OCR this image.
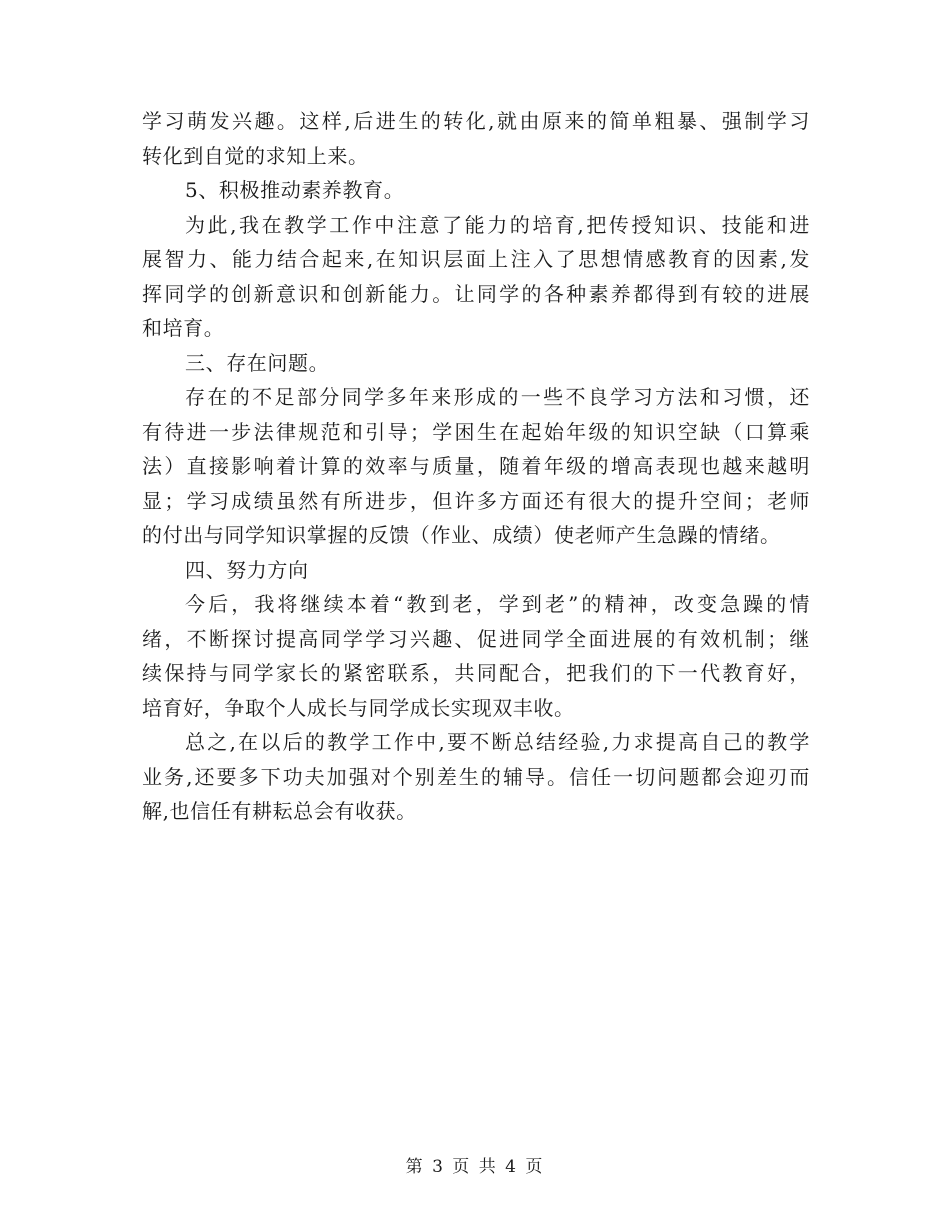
学习萌发兴趣。这样,后进生的转化,就由原来的简单粗暴、强制学习
转化到自觉的求知上来。

5、积极推动素养教育。

为此,我在教学工作中注意了能力的培育,把传授知识、技能和进
展智力、能力结合起来,在知识层面上注入了思想情感教育的因素,发
挥同学的创新意识和创新能力。让同学的各种素养都得到有较的进展
和培育。

三、存在问题。

存在的不足部分同学多年来形成的一些不良学习方法和习惯，还
有待进一步法律规范和引导；学困生在起始年级的知识空缺（口算乘
法）直接影响着计算的效率与质量，随着年级的增高表现也越来越明
显；学习成绩虽然有所进步，但许多方面还有很大的提升空间；老师
的付出与同学知识掌握的反馈（作业、成绩）使老师产生急躁的情绪。

四、努力方向

今后，我将继续本着“教到老，学到老”的精神，改变急躁的情
绪，不断探讨提高同学学习兴趣、促进同学全面进展的有效机制；继
续保持与同学家长的紧密联系，共同配合，把我们的下一代教育好，
培育好，争取个人成长与同学成长实现双丰收。

总之,在以后的教学工作中,要不断总结经验,力求提高自己的教学
业务,还要多下功夫加强对个别差生的辅导。信任一切问题都会迎刃而
解,也信任有耕耘总会有收获。

第 3 页 共 4 页
